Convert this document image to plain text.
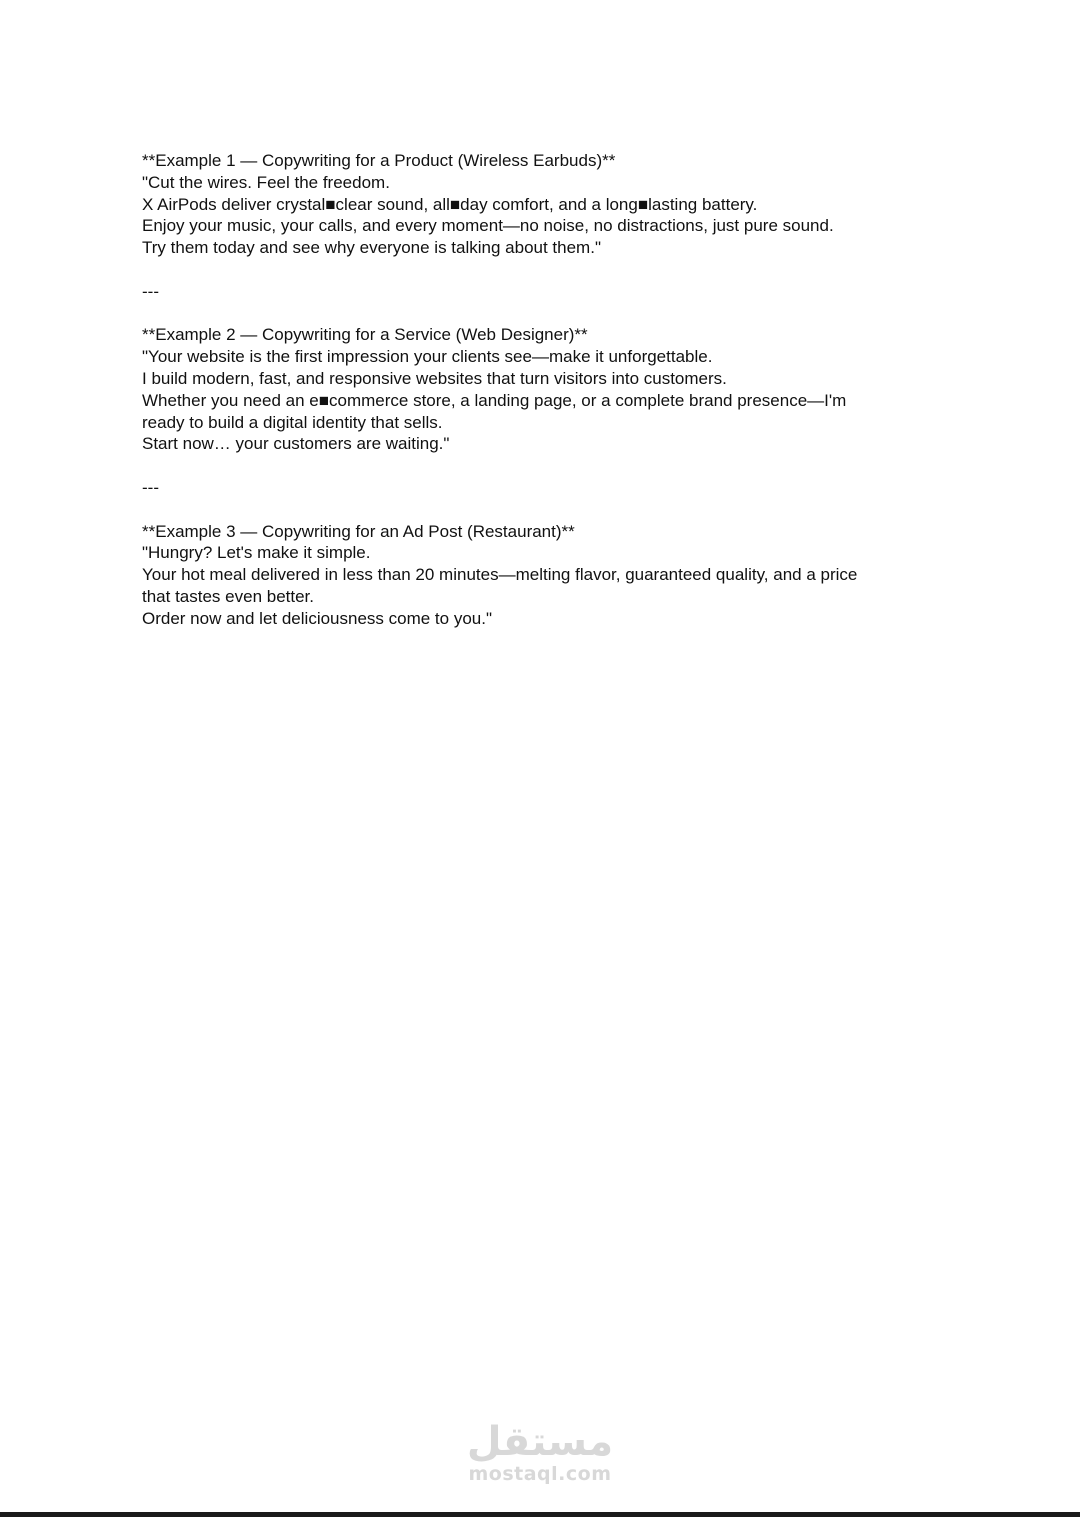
**Example 1 — Copywriting for a Product (Wireless Earbuds)**
"Cut the wires. Feel the freedom.
X AirPods deliver crystal■clear sound, all■day comfort, and a long■lasting battery.
Enjoy your music, your calls, and every moment—no noise, no distractions, just pure sound.
Try them today and see why everyone is talking about them."
---
**Example 2 — Copywriting for a Service (Web Designer)**
"Your website is the first impression your clients see—make it unforgettable.
I build modern, fast, and responsive websites that turn visitors into customers.
Whether you need an e■commerce store, a landing page, or a complete brand presence—I'm
ready to build a digital identity that sells.
Start now… your customers are waiting."
---
**Example 3 — Copywriting for an Ad Post (Restaurant)**
"Hungry? Let's make it simple.
Your hot meal delivered in less than 20 minutes—melting flavor, guaranteed quality, and a price
that tastes even better.
Order now and let deliciousness come to you."
مستقل
mostaql.com
